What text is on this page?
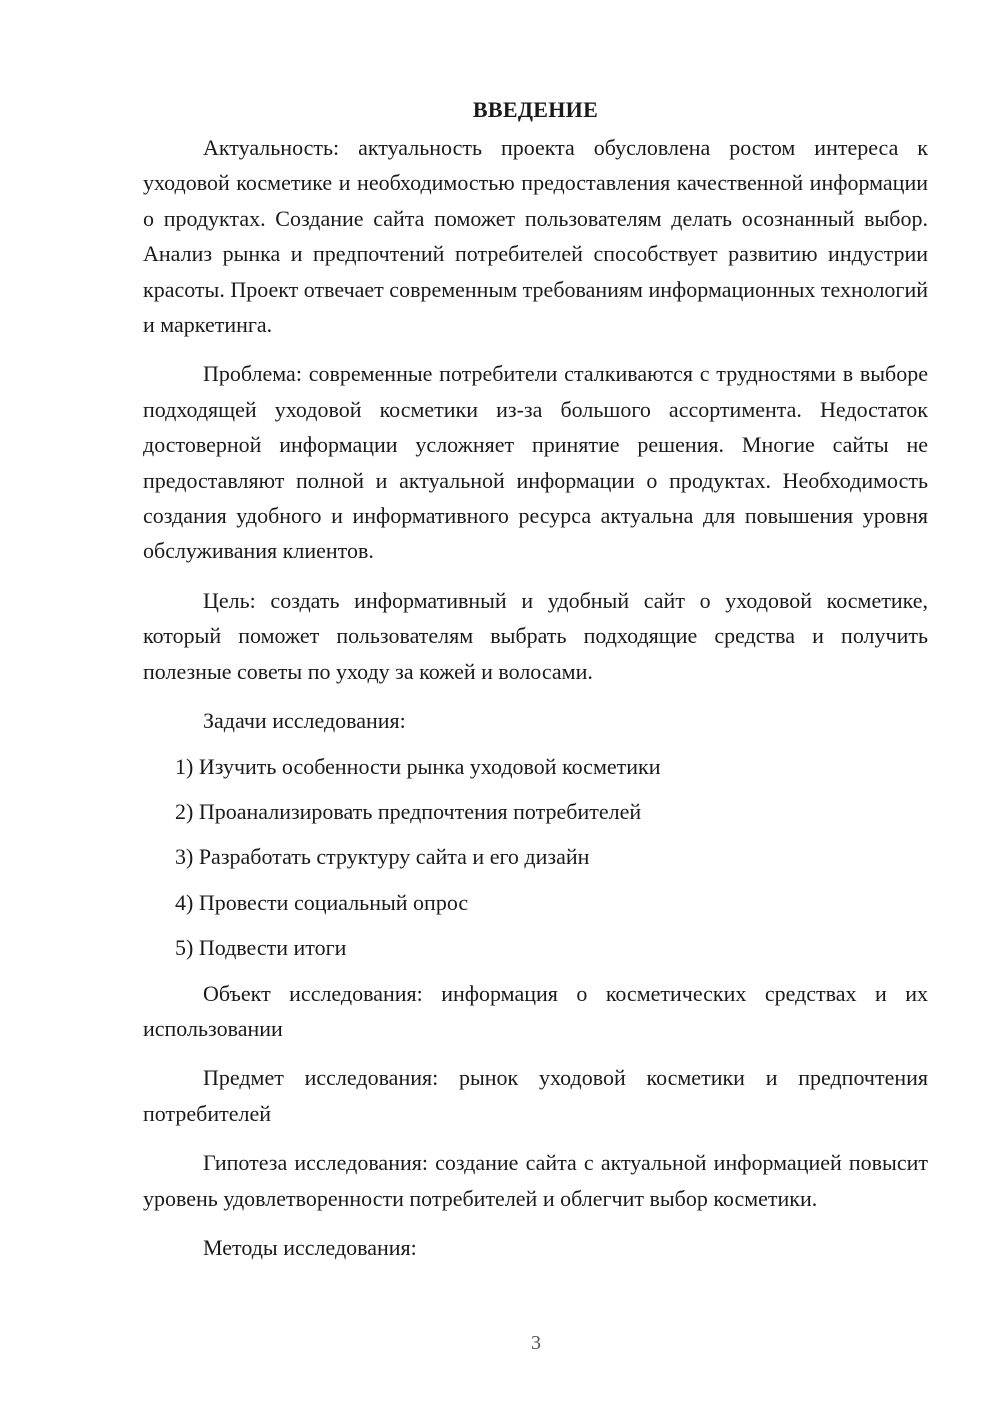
ВВЕДЕНИЕ

Актуальность: актуальность проекта обусловлена ростом интереса к уходовой косметике и необходимостью предоставления качественной информации о продуктах. Создание сайта поможет пользователям делать осознанный выбор. Анализ рынка и предпочтений потребителей способствует развитию индустрии красоты. Проект отвечает современным требованиям информационных технологий и маркетинга.

Проблема: современные потребители сталкиваются с трудностями в выборе подходящей уходовой косметики из-за большого ассортимента. Недостаток достоверной информации усложняет принятие решения. Многие сайты не предоставляют полной и актуальной информации о продуктах. Необходимость создания удобного и информативного ресурса актуальна для повышения уровня обслуживания клиентов.

Цель: создать информативный и удобный сайт о уходовой косметике, который поможет пользователям выбрать подходящие средства и получить полезные советы по уходу за кожей и волосами.

Задачи исследования:

1) Изучить особенности рынка уходовой косметики
2) Проанализировать предпочтения потребителей
3) Разработать структуру сайта и его дизайн
4) Провести социальный опрос
5) Подвести итоги

Объект исследования: информация о косметических средствах и их использовании

Предмет исследования: рынок уходовой косметики и предпочтения потребителей

Гипотеза исследования: создание сайта с актуальной информацией повысит уровень удовлетворенности потребителей и облегчит выбор косметики.

Методы исследования:

3
